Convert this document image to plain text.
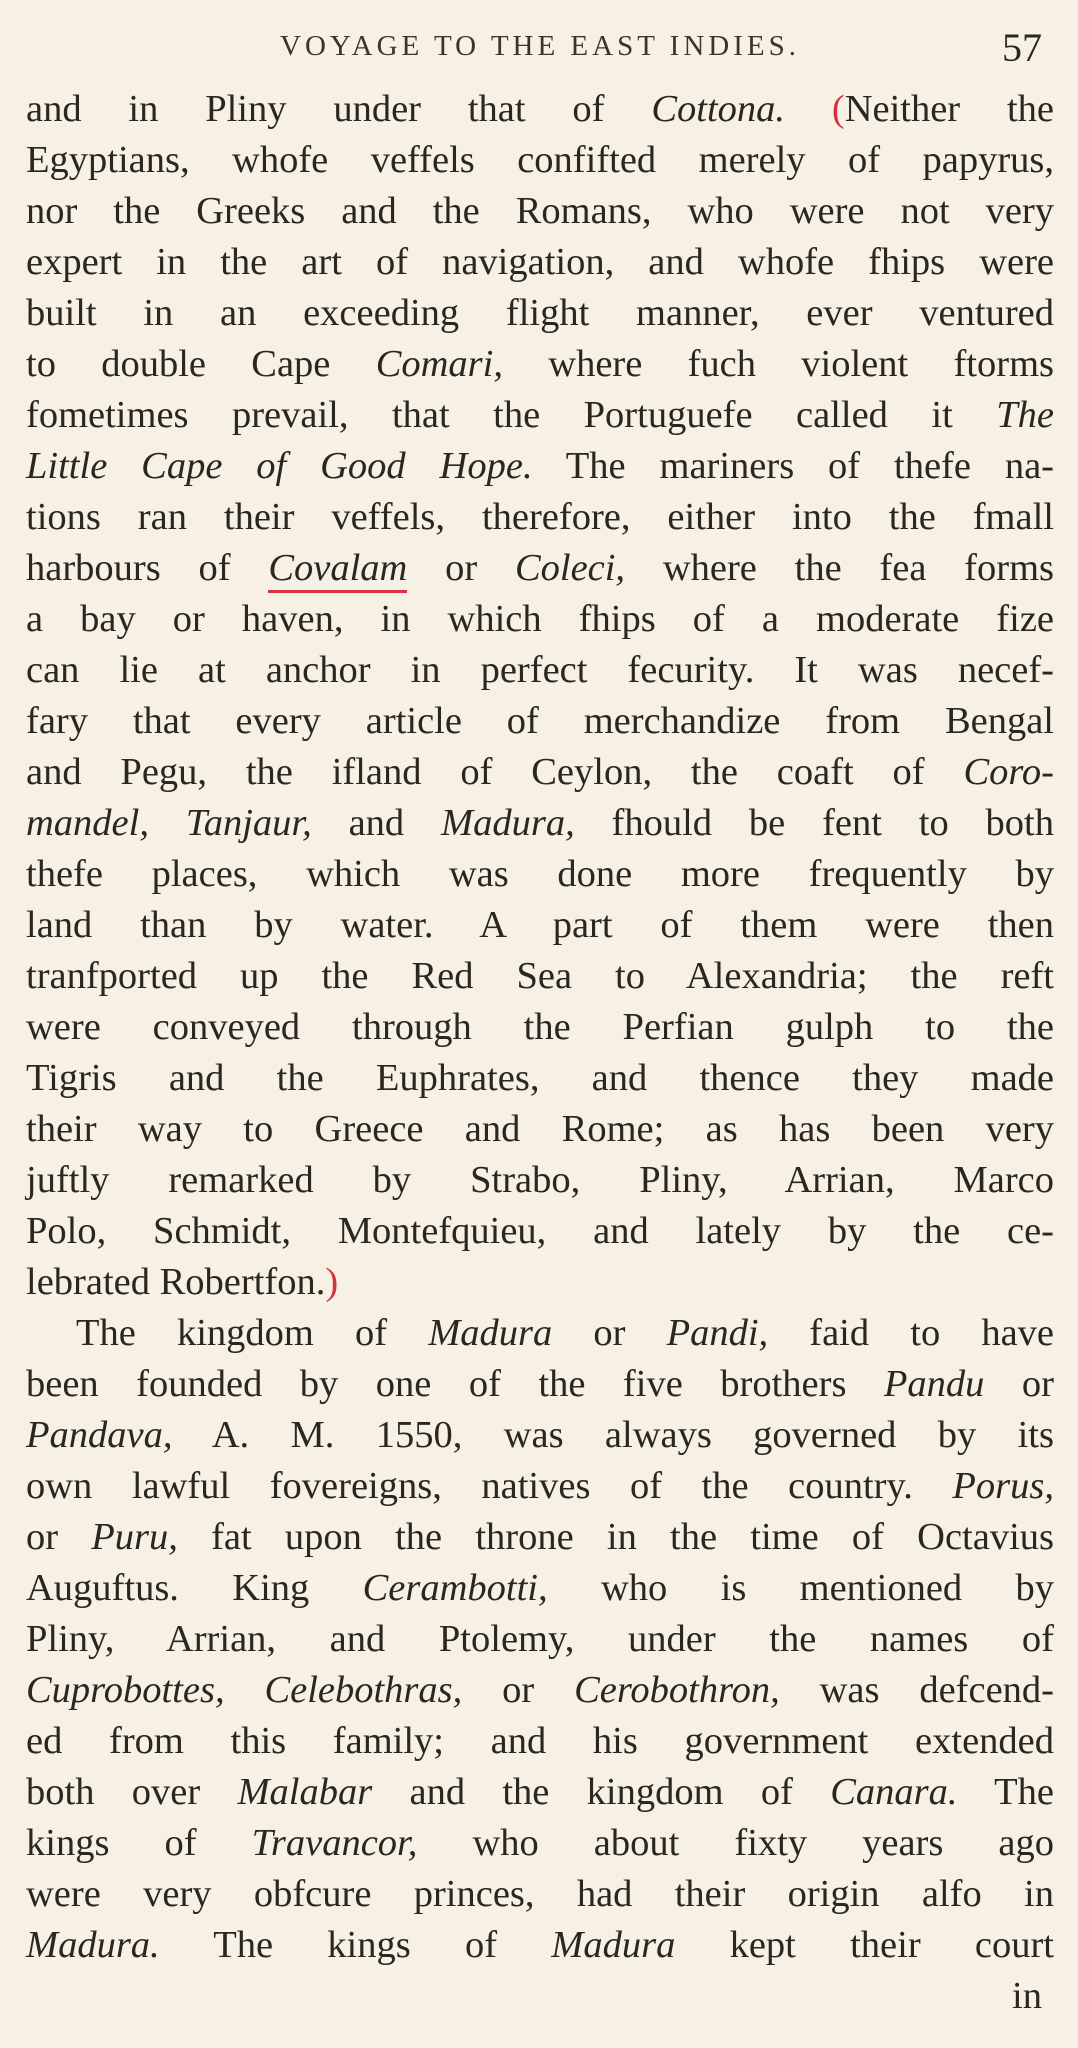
VOYAGE TO THE EAST INDIES.	57
and in Pliny under that of Cottona. (Neither the
Egyptians, whofe veffels confifted merely of papyrus,
nor the Greeks and the Romans, who were not very
expert in the art of navigation, and whofe fhips were
built in an exceeding flight manner, ever ventured
to double Cape Comari, where fuch violent ftorms
fometimes prevail, that the Portuguefe called it The
Little Cape of Good Hope. The mariners of thefe na-
tions ran their veffels, therefore, either into the fmall
harbours of Covalam or Coleci, where the fea forms
a bay or haven, in which fhips of a moderate fize
can lie at anchor in perfect fecurity. It was necef-
fary that every article of merchandize from Bengal
and Pegu, the ifland of Ceylon, the coaft of Coro-
mandel, Tanjaur, and Madura, fhould be fent to both
thefe places, which was done more frequently by
land than by water. A part of them were then
tranfported up the Red Sea to Alexandria; the reft
were conveyed through the Perfian gulph to the
Tigris and the Euphrates, and thence they made
their way to Greece and Rome; as has been very
juftly remarked by Strabo, Pliny, Arrian, Marco
Polo, Schmidt, Montefquieu, and lately by the ce-
lebrated Robertfon.)
The kingdom of Madura or Pandi, faid to have
been founded by one of the five brothers Pandu or
Pandava, A. M. 1550, was always governed by its
own lawful fovereigns, natives of the country. Porus,
or Puru, fat upon the throne in the time of Octavius
Auguftus. King Cerambotti, who is mentioned by
Pliny, Arrian, and Ptolemy, under the names of
Cuprobottes, Celebothras, or Cerobothron, was defcend-
ed from this family; and his government extended
both over Malabar and the kingdom of Canara. The
kings of Travancor, who about fixty years ago
were very obfcure princes, had their origin alfo in
Madura. The kings of Madura kept their court
in
